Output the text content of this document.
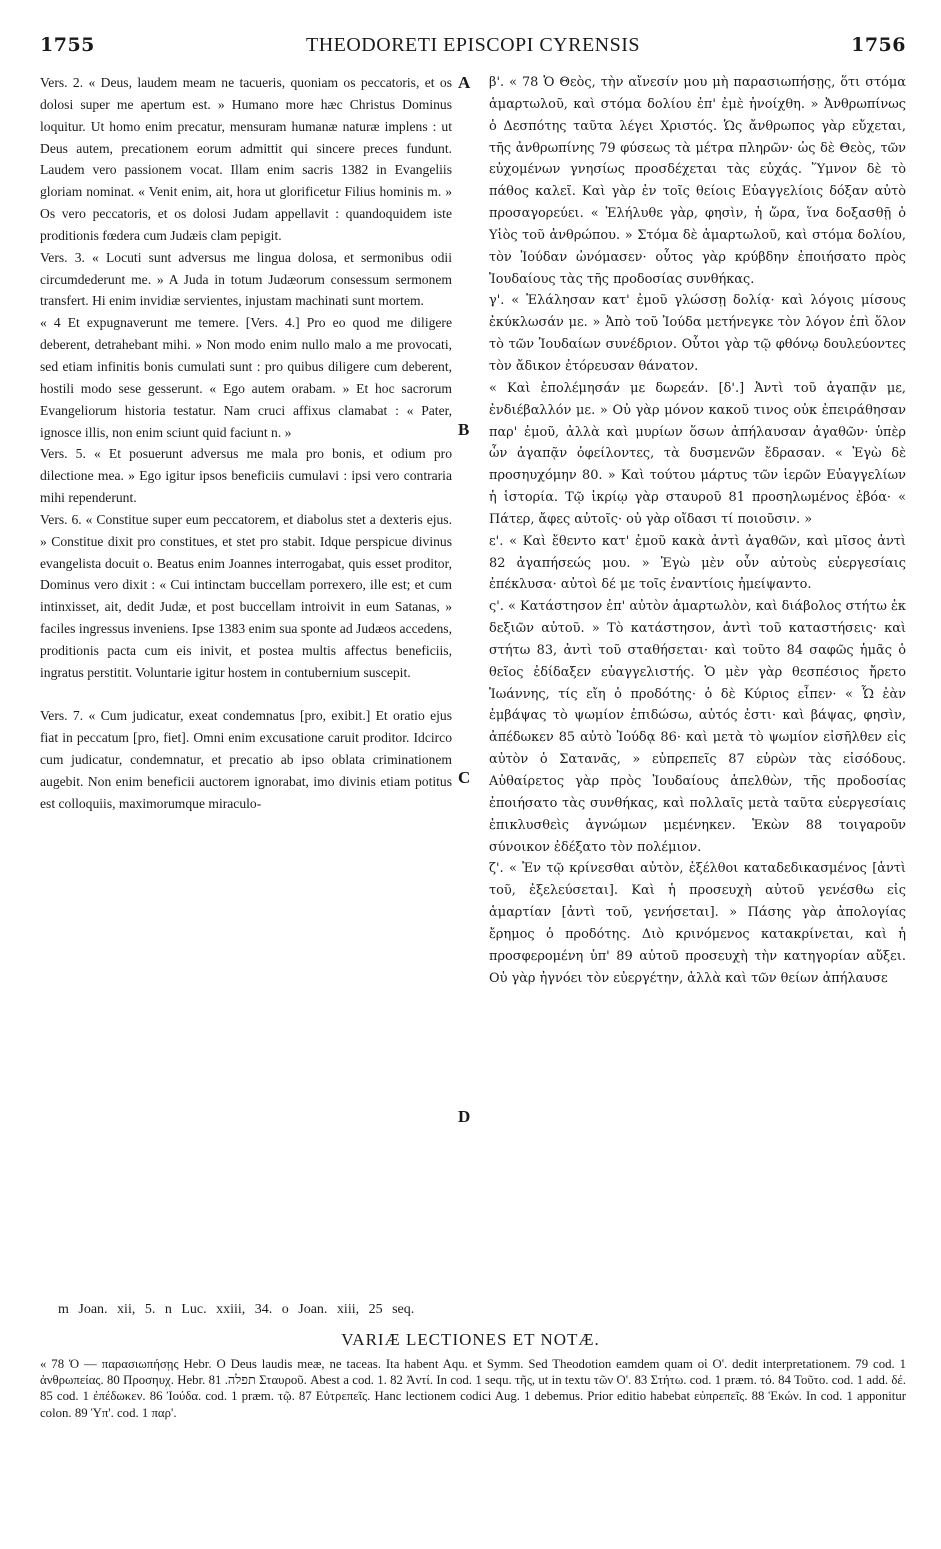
1755	THEODORETI EPISCOPI CYRENSIS	1756

Vers. 2. « Deus, laudem meam ne tacueris, quoniam os peccatoris, et os dolosi super me apertum est. » Humano more hæc Christus Dominus loquitur. Ut homo enim precatur, mensuram humanæ naturæ implens : ut Deus autem, precationem eorum admittit qui sincere preces fundunt. Laudem vero passionem vocat. Illam enim sacris 1382 in Evangeliis gloriam nominat. « Venit enim, ait, hora ut glorificetur Filius hominis m. » Os vero peccatoris, et os dolosi Judam appellavit : quandoquidem iste proditionis fœdera cum Judæis clam pepigit.

Vers. 3. « Locuti sunt adversus me lingua dolosa, et sermonibus odii circumdederunt me. » A Juda in totum Judæorum consessum sermonem transfert. Hi enim invidiæ servientes, injustam machinati sunt mortem.

« 4 Et expugnaverunt me temere. [Vers. 4.] Pro eo quod me diligere deberent, detrahebant mihi. » Non modo enim nullo malo a me provocati, sed etiam infinitis bonis cumulati sunt : pro quibus diligere cum deberent, hostili modo sese gesserunt. « Ego autem orabam. » Et hoc sacrorum Evangeliorum historia testatur. Nam cruci affixus clamabat : « Pater, ignosce illis, non enim sciunt quid faciunt n. »

Vers. 5. « Et posuerunt adversus me mala pro bonis, et odium pro dilectione mea. » Ego igitur ipsos beneficiis cumulavi : ipsi vero contraria mihi rependerunt.

Vers. 6. « Constitue super eum peccatorem, et diabolus stet a dexteris ejus. » Constitue dixit pro constitues, et stet pro stabit. Idque perspicue divinus evangelista docuit o. Beatus enim Joannes interrogabat, quis esset proditor, Dominus vero dixit : « Cui intinctam buccellam porrexero, ille est; et cum intinxisset, ait, dedit Judæ, et post buccellam introivit in eum Satanas, » faciles ingressus inveniens. Ipse 1383 enim sua sponte ad Judæos accedens, proditionis pacta cum eis inivit, et postea multis affectus beneficiis, ingratus perstitit. Voluntarie igitur hostem in contubernium suscepit.

Vers. 7. « Cum judicatur, exeat condemnatus [pro, exibit.] Et oratio ejus fiat in peccatum [pro, fiet]. Omni enim excusatione caruit proditor. Idcirco cum judicatur, condemnatur, et precatio ab ipso oblata criminationem augebit. Non enim beneficii auctorem ignorabat, imo divinis etiam potitus est colloquiis, maximorumque miraculo-

A
B
C
D

β'. « 78 Ὁ Θεὸς, τὴν αἴνεσίν μου μὴ παρασιωπήσῃς, ὅτι στόμα ἁμαρτωλοῦ, καὶ στόμα δολίου ἐπ' ἐμὲ ἠνοίχθη. » Ἀνθρωπίνως ὁ Δεσπότης ταῦτα λέγει Χριστός. Ὡς ἄνθρωπος γὰρ εὔχεται, τῆς ἀνθρωπίνης 79 φύσεως τὰ μέτρα πληρῶν· ὡς δὲ Θεὸς, τῶν εὐχομένων γνησίως προσδέχεται τὰς εὐχάς. Ὕμνον δὲ τὸ πάθος καλεῖ. Καὶ γὰρ ἐν τοῖς θείοις Εὐαγγελίοις δόξαν αὐτὸ προσαγορεύει. « Ἐλήλυθε γὰρ, φησὶν, ἡ ὥρα, ἵνα δοξασθῇ ὁ Υἱὸς τοῦ ἀνθρώπου. » Στόμα δὲ ἁμαρτωλοῦ, καὶ στόμα δολίου, τὸν Ἰούδαν ὠνόμασεν· οὗτος γὰρ κρύβδην ἐποιήσατο πρὸς Ἰουδαίους τὰς τῆς προδοσίας συνθήκας.

γ'. « Ἐλάλησαν κατ' ἐμοῦ γλώσσῃ δολίᾳ· καὶ λόγοις μίσους ἐκύκλωσάν με. » Ἀπὸ τοῦ Ἰούδα μετήνεγκε τὸν λόγον ἐπὶ ὅλον τὸ τῶν Ἰουδαίων συνέδριον. Οὗτοι γὰρ τῷ φθόνῳ δουλεύοντες τὸν ἄδικον ἐτόρευσαν θάνατον.

« Καὶ ἐπολέμησάν με δωρεάν. [δ'.] Ἀντὶ τοῦ ἀγαπᾷν με, ἐνδιέβαλλόν με. » Οὐ γὰρ μόνον κακοῦ τινος οὐκ ἐπειράθησαν παρ' ἐμοῦ, ἀλλὰ καὶ μυρίων ὅσων ἀπήλαυσαν ἀγαθῶν· ὑπὲρ ὧν ἀγαπᾷν ὀφείλοντες, τὰ δυσμενῶν ἔδρασαν. « Ἐγὼ δὲ προσηυχόμην 80. » Καὶ τούτου μάρτυς τῶν ἱερῶν Εὐαγγελίων ἡ ἱστορία. Τῷ ἰκρίῳ γὰρ σταυροῦ 81 προσηλωμένος ἐβόα· « Πάτερ, ἄφες αὐτοῖς· οὐ γὰρ οἴδασι τί ποιοῦσιν. »

ε'. « Καὶ ἔθεντο κατ' ἐμοῦ κακὰ ἀντὶ ἀγαθῶν, καὶ μῖσος ἀντὶ 82 ἀγαπήσεώς μου. » Ἐγὼ μὲν οὖν αὐτοὺς εὐεργεσίαις ἐπέκλυσα· αὐτοὶ δέ με τοῖς ἐναντίοις ἠμείψαντο.

ς'. « Κατάστησον ἐπ' αὐτὸν ἁμαρτωλὸν, καὶ διάβολος στήτω ἐκ δεξιῶν αὐτοῦ. » Τὸ κατάστησον, ἀντὶ τοῦ καταστήσεις· καὶ στήτω 83, ἀντὶ τοῦ σταθήσεται· καὶ τοῦτο 84 σαφῶς ἡμᾶς ὁ θεῖος ἐδίδαξεν εὐαγγελιστής. Ὁ μὲν γὰρ θεσπέσιος ἤρετο Ἰωάννης, τίς εἴη ὁ προδότης· ὁ δὲ Κύριος εἶπεν· « Ὧ ἐὰν ἐμβάψας τὸ ψωμίον ἐπιδώσω, αὐτός ἐστι· καὶ βάψας, φησὶν, ἀπέδωκεν 85 αὐτὸ Ἰούδᾳ 86· καὶ μετὰ τὸ ψωμίον εἰσῆλθεν εἰς αὐτὸν ὁ Σατανᾶς, » εὐπρεπεῖς 87 εὑρὼν τὰς εἰσόδους. Αὐθαίρετος γὰρ πρὸς Ἰουδαίους ἀπελθὼν, τῆς προδοσίας ἐποιήσατο τὰς συνθήκας, καὶ πολλαῖς μετὰ ταῦτα εὐεργεσίαις ἐπικλυσθεὶς ἀγνώμων μεμένηκεν. Ἑκὼν 88 τοιγαροῦν σύνοικον ἐδέξατο τὸν πολέμιον.

ζ'. « Ἐν τῷ κρίνεσθαι αὐτὸν, ἐξέλθοι καταδεδικασμένος [ἀντὶ τοῦ, ἐξελεύσεται]. Καὶ ἡ προσευχὴ αὐτοῦ γενέσθω εἰς ἁμαρτίαν [ἀντὶ τοῦ, γενήσεται]. » Πάσης γὰρ ἀπολογίας ἔρημος ὁ προδότης. Διὸ κρινόμενος κατακρίνεται, καὶ ἡ προσφερομένη ὑπ' 89 αὐτοῦ προσευχὴ τὴν κατηγορίαν αὔξει. Οὐ γὰρ ἠγνόει τὸν εὐεργέτην, ἀλλὰ καὶ τῶν θείων ἀπήλαυσε

m Joan. xii, 5. n Luc. xxiii, 34. o Joan. xiii, 25 seq.
VARIÆ LECTIONES ET NOTÆ.

« 78 Ὁ — παρασιωπήσῃς Hebr. O Deus laudis meæ, ne taceas. Ita habent Aqu. et Symm. Sed Theodotion eamdem quam οἱ Ο'. dedit interpretationem. 79 cod. 1 ἀνθρωπείας. 80 Προσηυχ. Hebr. תפלה. 81 Σταυροῦ. Abest a cod. 1. 82 Ἀντί. In cod. 1 sequ. τῆς, ut in textu τῶν Ο'. 83 Στήτω. cod. 1 præm. τό. 84 Τοῦτο. cod. 1 add. δέ. 85 cod. 1 ἐπέδωκεν. 86 Ἰούδα. cod. 1 præm. τῷ. 87 Εὐτρεπεῖς. Hanc lectionem codici Aug. 1 debemus. Prior editio habebat εὐπρεπεῖς. 88 Ἑκών. In cod. 1 apponitur colon. 89 Ὑπ'. cod. 1 παρ'.
